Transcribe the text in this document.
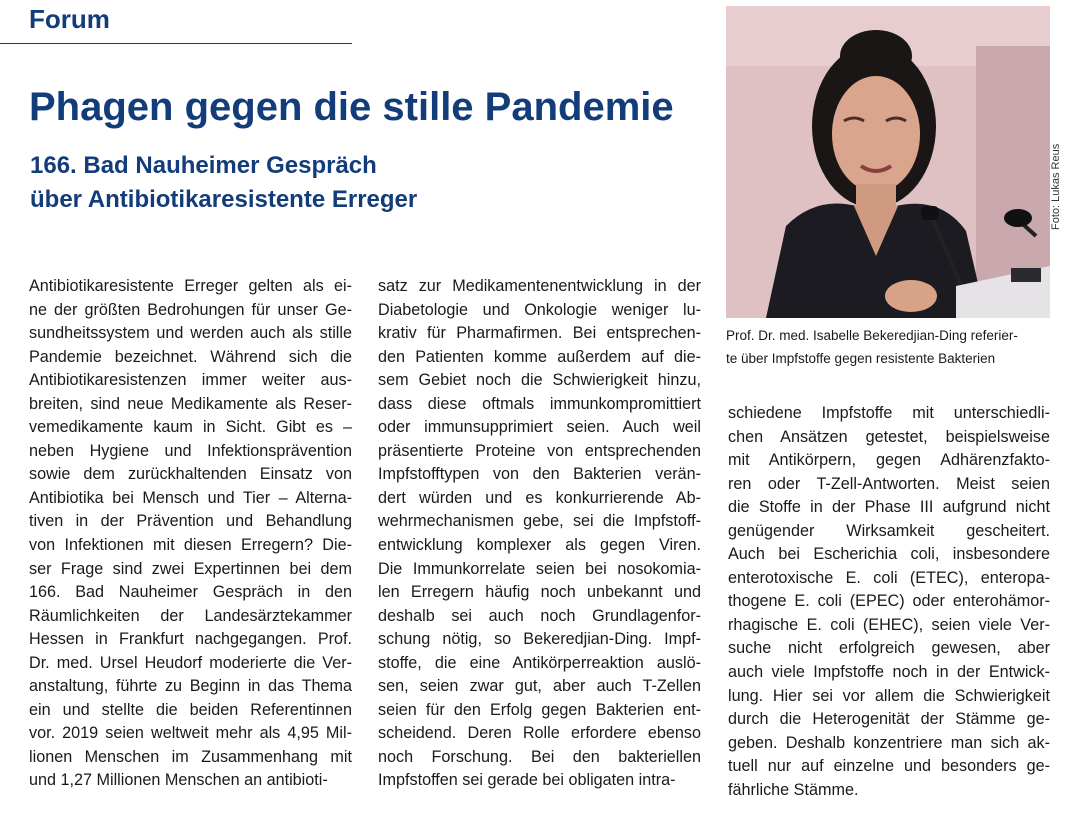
Forum
Phagen gegen die stille Pandemie
166. Bad Nauheimer Gespräch
über Antibiotikaresistente Erreger	Foto: Lukas Reus

Prof. Dr. med. Isabelle Bekeredjian-Ding referier-
te über Impfstoffe gegen resistente Bakterien

Antibiotikaresistente Erreger gelten als ei-
ne der größten Bedrohungen für unser Ge-
sundheitssystem und werden auch als stille
Pandemie bezeichnet. Während sich die
Antibiotikaresistenzen immer weiter aus-
breiten, sind neue Medikamente als Reser-
vemedikamente kaum in Sicht. Gibt es –
neben Hygiene und Infektionsprävention
sowie dem zurückhaltenden Einsatz von
Antibiotika bei Mensch und Tier – Alterna-
tiven in der Prävention und Behandlung
von Infektionen mit diesen Erregern? Die-
ser Frage sind zwei Expertinnen bei dem
166. Bad Nauheimer Gespräch in den
Räumlichkeiten der Landesärztekammer
Hessen in Frankfurt nachgegangen. Prof.
Dr. med. Ursel Heudorf moderierte die Ver-
anstaltung, führte zu Beginn in das Thema
ein und stellte die beiden Referentinnen
vor. 2019 seien weltweit mehr als 4,95 Mil-
lionen Menschen im Zusammenhang mit
und 1,27 Millionen Menschen an antibioti-
satz zur Medikamentenentwicklung in der
Diabetologie und Onkologie weniger lu-
krativ für Pharmafirmen. Bei entsprechen-
den Patienten komme außerdem auf die-
sem Gebiet noch die Schwierigkeit hinzu,
dass diese oftmals immunkompromittiert
oder immunsupprimiert seien. Auch weil
präsentierte Proteine von entsprechenden
Impfstofftypen von den Bakterien verän-
dert würden und es konkurrierende Ab-
wehrmechanismen gebe, sei die Impfstoff-
entwicklung komplexer als gegen Viren.
Die Immunkorrelate seien bei nosokomia-
len Erregern häufig noch unbekannt und
deshalb sei auch noch Grundlagenfor-
schung nötig, so Bekeredjian-Ding. Impf-
stoffe, die eine Antikörperreaktion auslö-
sen, seien zwar gut, aber auch T-Zellen
seien für den Erfolg gegen Bakterien ent-
scheidend. Deren Rolle erfordere ebenso
noch Forschung. Bei den bakteriellen
Impfstoffen sei gerade bei obligaten intra-
schiedene Impfstoffe mit unterschiedli-
chen Ansätzen getestet, beispielsweise
mit Antikörpern, gegen Adhärenzfakto-
ren oder T-Zell-Antworten. Meist seien
die Stoffe in der Phase III aufgrund nicht
genügender Wirksamkeit gescheitert.
Auch bei Escherichia coli, insbesondere
enterotoxische E. coli (ETEC), enteropa-
thogene E. coli (EPEC) oder enterohämor-
rhagische E. coli (EHEC), seien viele Ver-
suche nicht erfolgreich gewesen, aber
auch viele Impfstoffe noch in der Entwick-
lung. Hier sei vor allem die Schwierigkeit
durch die Heterogenität der Stämme ge-
geben. Deshalb konzentriere man sich ak-
tuell nur auf einzelne und besonders ge-
fährliche Stämme.
